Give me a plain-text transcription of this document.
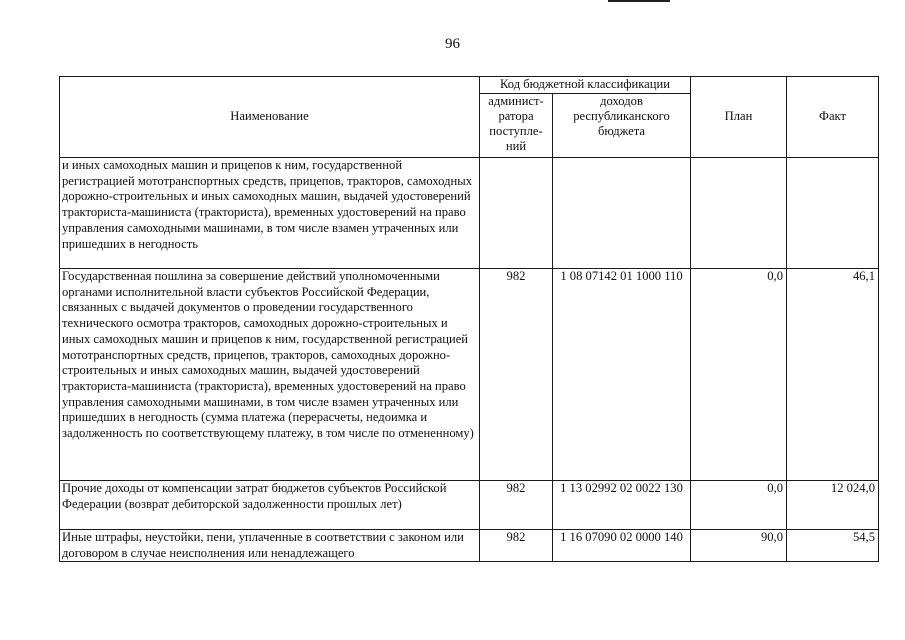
96
Наименование	Код бюджетной классификации		План	Факт
	админист-ратора поступле-ний	доходов республиканского бюджета		
и иных самоходных машин и прицепов к ним, государственной регистрацией мототранспортных средств, прицепов, тракторов, самоходных дорожно-строительных и иных самоходных машин, выдачей удостоверений тракториста-машиниста (тракториста), временных удостоверений на право управления самоходными машинами, в том числе взамен утраченных или пришедших в негодность				
Государственная пошлина за совершение действий уполномоченными органами исполнительной власти субъектов Российской Федерации, связанных с выдачей документов о проведении государственного технического осмотра тракторов, самоходных дорожно-строительных и иных самоходных машин и прицепов к ним, государственной регистрацией мототранспортных средств, прицепов, тракторов, самоходных дорожно-строительных и иных самоходных машин, выдачей удостоверений тракториста-машиниста (тракториста), временных удостоверений на право управления самоходными машинами, в том числе взамен утраченных или пришедших в негодность (сумма платежа (перерасчеты, недоимка и задолженность по соответствующему платежу, в том числе по отмененному)	982	1 08 07142 01 1000 110	0,0	46,1
Прочие доходы от компенсации затрат бюджетов субъектов Российской Федерации (возврат дебиторской задолженности прошлых лет)	982	1 13 02992 02 0022 130	0,0	12 024,0
Иные штрафы, неустойки, пени, уплаченные в соответствии с законом или договором в случае неисполнения или ненадлежащего	982	1 16 07090 02 0000 140	90,0	54,5
